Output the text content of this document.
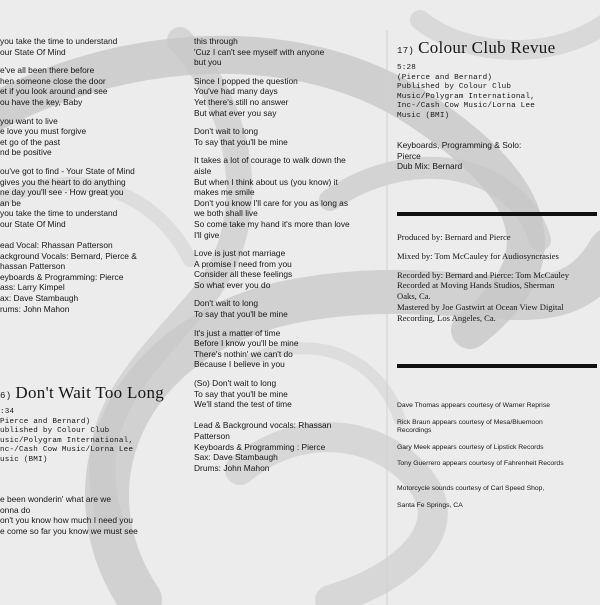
you take the time to understand

our State Of Mind

e've all been there before

hen someone close the door

et if you look around and see

ou have the key, Baby

you want to live

e love you must forgive

et go of the past

nd be positive

ou've got to find - Your State of Mind

gives you the heart to do anything

ne day you'll see - How great you

an be

you take the time to understand

our State Of Mind

ead Vocal: Rhassan Patterson

ackground Vocals: Bernard, Pierce &

hassan Patterson

eyboards & Programming: Pierce

ass: Larry Kimpel

ax: Dave Stambaugh

rums: John Mahon

6) Don't Wait Too Long

:34

Pierce and Bernard)

ublished by Colour Club

usic/Polygram International,

nc-/Cash Cow Music/Lorna Lee

usic (BMI)

e been wonderin' what are we

onna do

on't you know how much I need you

e come so far you know we must see

this through

'Cuz I can't see myself with anyone

but you

Since I popped the question

You've had many days

Yet there's still no answer

But what ever you say

Don't wait to long

To say that you'll be mine

It takes a lot of courage to walk down the

aisle

But when I think about us (you know) it

makes me smile

Don't you know I'll care for you as long as

we both shall live

So come take my hand it's more than love

I'll give

Love is just not marriage

A promise I need from you

Consider all these feelings

So what ever you do

Don't wait to long

To say that you'll be mine

It's just a matter of time

Before I know you'll be mine

There's nothin' we can't do

Because I believe in you

(So) Don't wait to long

To say that you'll be mine

We'll stand the test of time

Lead & Background vocals: Rhassan

Patterson

Keyboards & Programming : Pierce

Sax: Dave Stambaugh

Drums: John Mahon

17) Colour Club Revue

5:28

(Pierce and Bernard)

Published by Colour Club

Music/Polygram International,

Inc-/Cash Cow Music/Lorna Lee

Music (BMI)

Keyboards, Programming & Solo:

Pierce

Dub Mix: Bernard

Produced by: Bernard and Pierce

Mixed by: Tom McCauley for Audiosyncrasies

Recorded by: Bernard and Pierce: Tom McCauley

Recorded at Moving Hands Studios, Sherman

Oaks, Ca.

Mastered by Joe Gastwirt at Ocean View Digital

Recording, Los Angeles, Ca.

Dave Thomas appears courtesy of Warner Reprise

Rick Braun appears courtesy of Mesa/Bluemoon

Recordings

Gary Meek appears courtesy of Lipstick Records

Tony Guerrero appears courtesy of Fahrenheit Records

Motorcycle sounds courtesy of Carl Speed Shop,

Santa Fe Springs, CA
